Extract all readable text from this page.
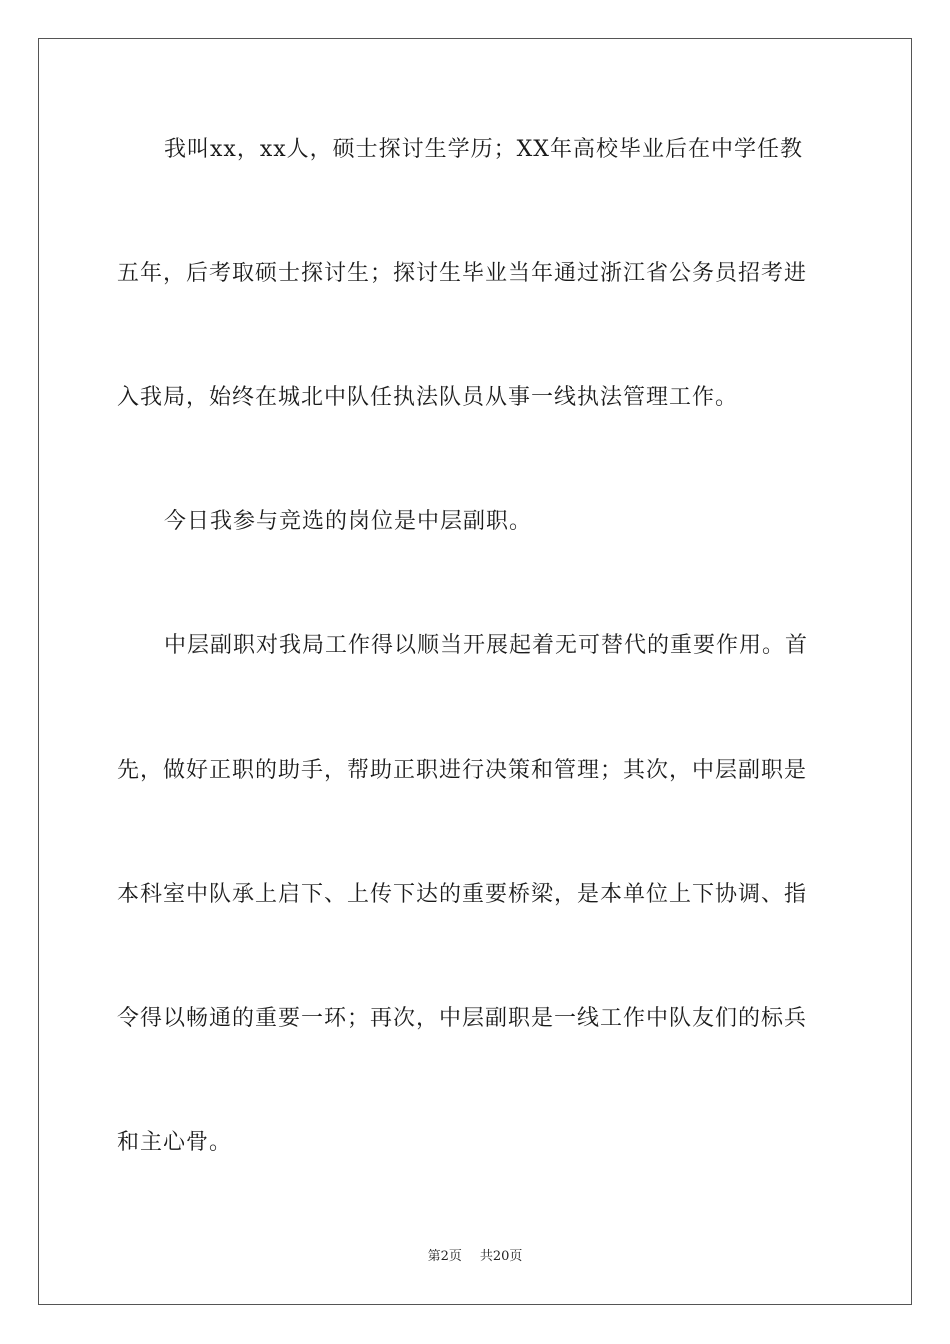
我叫xx，xx人，硕士探讨生学历；XX年高校毕业后在中学任教
五年，后考取硕士探讨生；探讨生毕业当年通过浙江省公务员招考进
入我局，始终在城北中队任执法队员从事一线执法管理工作。
今日我参与竞选的岗位是中层副职。
中层副职对我局工作得以顺当开展起着无可替代的重要作用。首
先，做好正职的助手，帮助正职进行决策和管理；其次，中层副职是
本科室中队承上启下、上传下达的重要桥梁，是本单位上下协调、指
令得以畅通的重要一环；再次，中层副职是一线工作中队友们的标兵
和主心骨。
第2页 共20页
